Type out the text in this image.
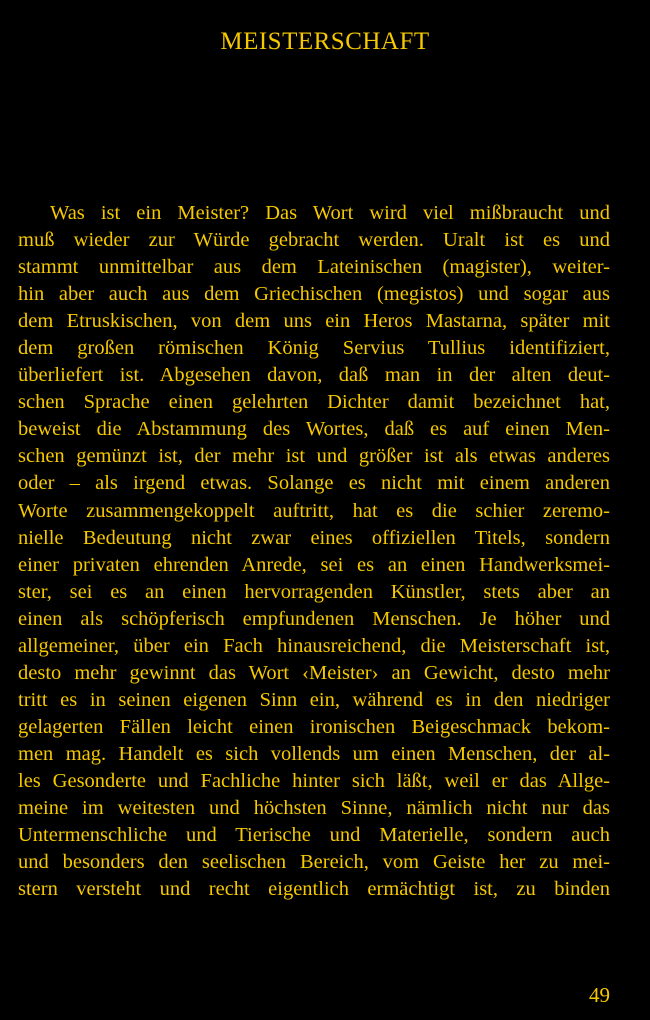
MEISTERSCHAFT
Was ist ein Meister? Das Wort wird viel mißbraucht und
muß wieder zur Würde gebracht werden. Uralt ist es und
stammt unmittelbar aus dem Lateinischen (magister), weiter-
hin aber auch aus dem Griechischen (megistos) und sogar aus
dem Etruskischen, von dem uns ein Heros Mastarna, später mit
dem großen römischen König Servius Tullius identifiziert,
überliefert ist. Abgesehen davon, daß man in der alten deut-
schen Sprache einen gelehrten Dichter damit bezeichnet hat,
beweist die Abstammung des Wortes, daß es auf einen Men-
schen gemünzt ist, der mehr ist und größer ist als etwas anderes
oder – als irgend etwas. Solange es nicht mit einem anderen
Worte zusammengekoppelt auftritt, hat es die schier zeremo-
nielle Bedeutung nicht zwar eines offiziellen Titels, sondern
einer privaten ehrenden Anrede, sei es an einen Handwerksmei-
ster, sei es an einen hervorragenden Künstler, stets aber an
einen als schöpferisch empfundenen Menschen. Je höher und
allgemeiner, über ein Fach hinausreichend, die Meisterschaft ist,
desto mehr gewinnt das Wort ‹Meister› an Gewicht, desto mehr
tritt es in seinen eigenen Sinn ein, während es in den niedriger
gelagerten Fällen leicht einen ironischen Beigeschmack bekom-
men mag. Handelt es sich vollends um einen Menschen, der al-
les Gesonderte und Fachliche hinter sich läßt, weil er das Allge-
meine im weitesten und höchsten Sinne, nämlich nicht nur das
Untermenschliche und Tierische und Materielle, sondern auch
und besonders den seelischen Bereich, vom Geiste her zu mei-
stern versteht und recht eigentlich ermächtigt ist, zu binden
49
